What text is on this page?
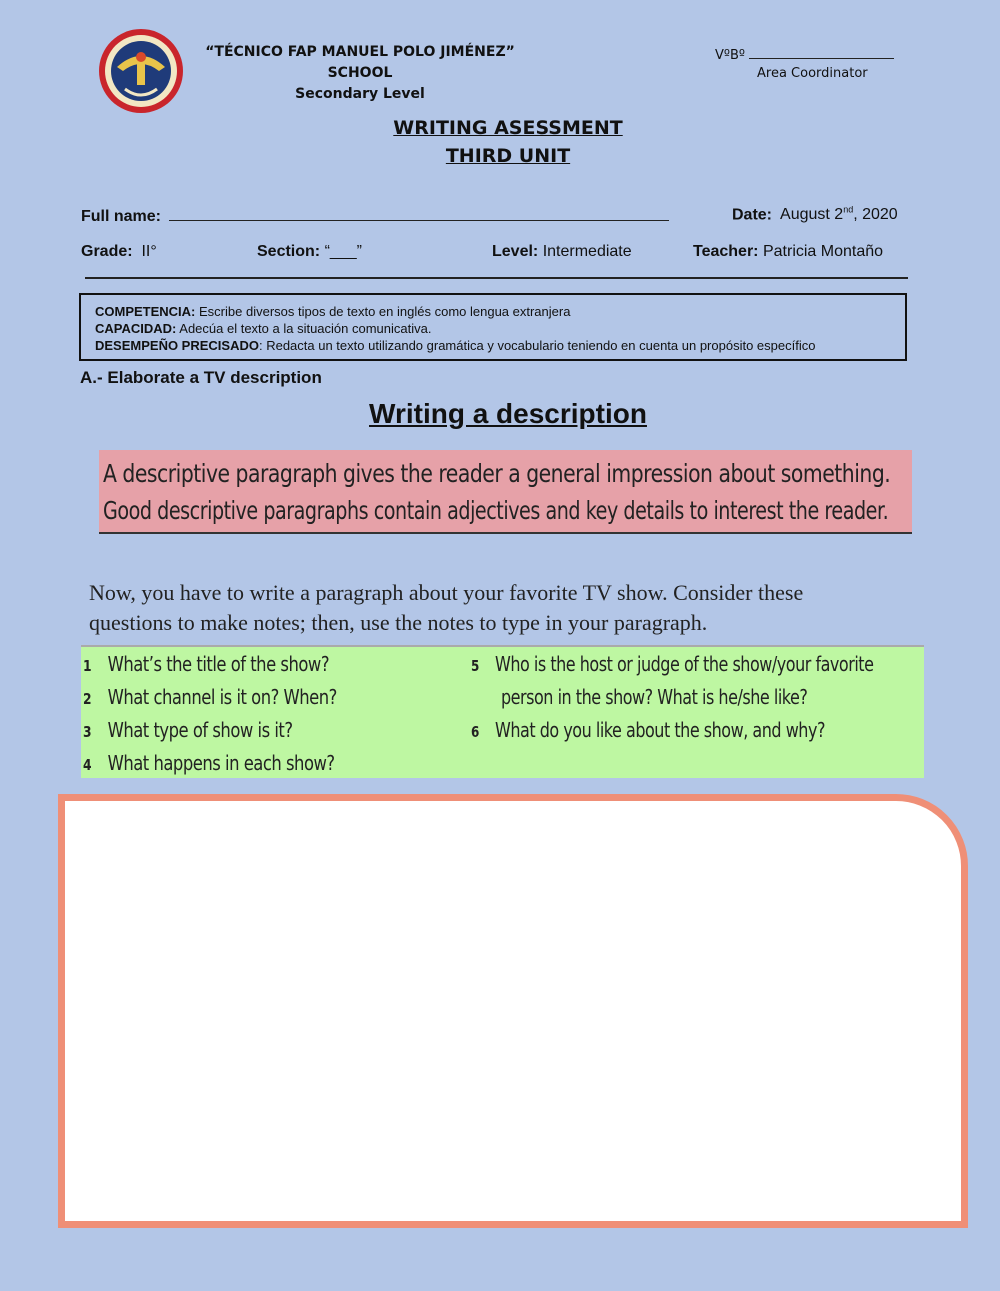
“TÉCNICO FAP MANUEL POLO JIMÉNEZ” SCHOOL
Secondary Level
VºBº
Area Coordinator
WRITING ASESSMENT
THIRD UNIT
Full name:	Date: August 2nd, 2020
Grade: II°	Section: “___”	Level: Intermediate	Teacher: Patricia Montaño
COMPETENCIA: Escribe diversos tipos de texto en inglés como lengua extranjera
CAPACIDAD: Adecúa el texto a la situación comunicativa.
DESEMPEÑO PRECISADO: Redacta un texto utilizando gramática y vocabulario teniendo en cuenta un propósito específico
A.- Elaborate a TV description
Writing a description
A descriptive paragraph gives the reader a general impression about something.
Good descriptive paragraphs contain adjectives and key details to interest the reader.
Now, you have to write a paragraph about your favorite TV show. Consider these
questions to make notes; then, use the notes to type in your paragraph.
1 What’s the title of the show?
2 What channel is it on? When?
3 What type of show is it?
4 What happens in each show?
5 Who is the host or judge of the show/your favorite
person in the show? What is he/she like?
6 What do you like about the show, and why?
